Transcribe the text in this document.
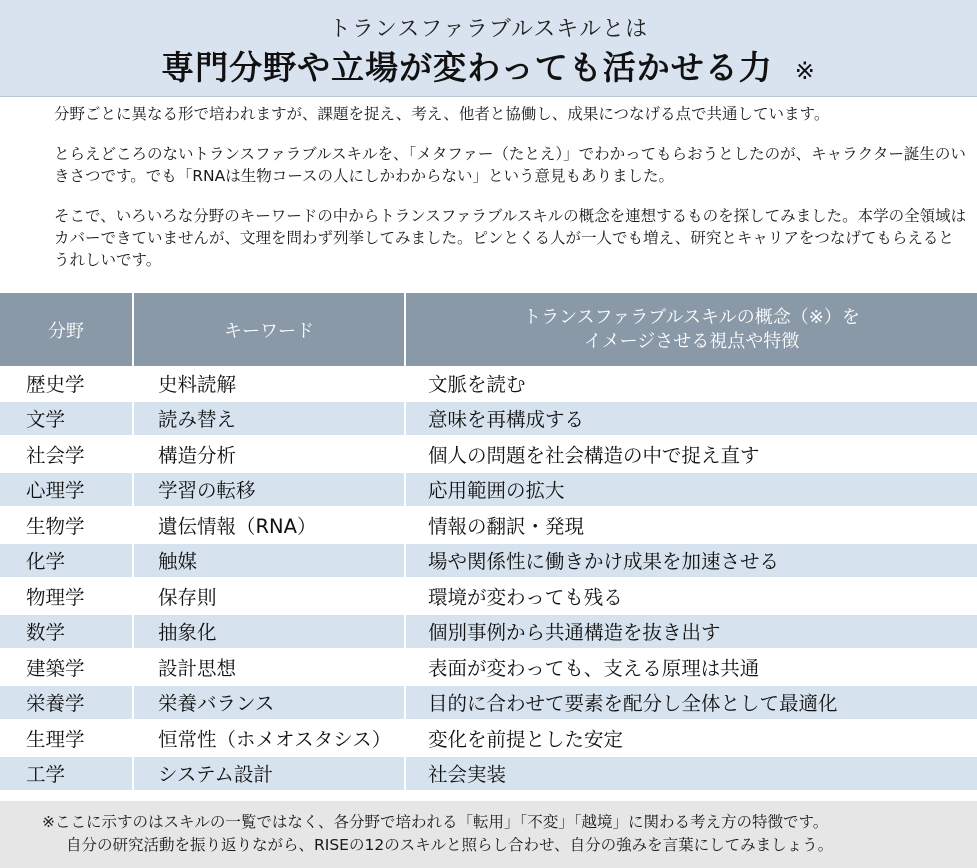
トランスファラブルスキルとは
専門分野や立場が変わっても活かせる力 ※

分野ごとに異なる形で培われますが、課題を捉え、考え、他者と協働し、成果につなげる点で共通しています。

とらえどころのないトランスファラブルスキルを、「メタファー（たとえ）」でわかってもらおうとしたのが、キャラクター誕生のいきさつです。でも「RNAは生物コースの人にしかわからない」という意見もありました。

そこで、いろいろな分野のキーワードの中からトランスファラブルスキルの概念を連想するものを探してみました。本学の全領域はカバーできていませんが、文理を問わず列挙してみました。ピンとくる人が一人でも増え、研究とキャリアをつなげてもらえるとうれしいです。

分野	キーワード	トランスファラブルスキルの概念（※）を
イメージさせる視点や特徴
歴史学	史料読解	文脈を読む
文学	読み替え	意味を再構成する
社会学	構造分析	個人の問題を社会構造の中で捉え直す
心理学	学習の転移	応用範囲の拡大
生物学	遺伝情報（RNA）	情報の翻訳・発現
化学	触媒	場や関係性に働きかけ成果を加速させる
物理学	保存則	環境が変わっても残る
数学	抽象化	個別事例から共通構造を抜き出す
建築学	設計思想	表面が変わっても、支える原理は共通
栄養学	栄養バランス	目的に合わせて要素を配分し全体として最適化
生理学	恒常性（ホメオスタシス）	変化を前提とした安定
工学	システム設計	社会実装
※ここに示すのはスキルの一覧ではなく、各分野で培われる「転用」「不変」「越境」に関わる考え方の特徴です。
自分の研究活動を振り返りながら、RISEの12のスキルと照らし合わせ、自分の強みを言葉にしてみましょう。
